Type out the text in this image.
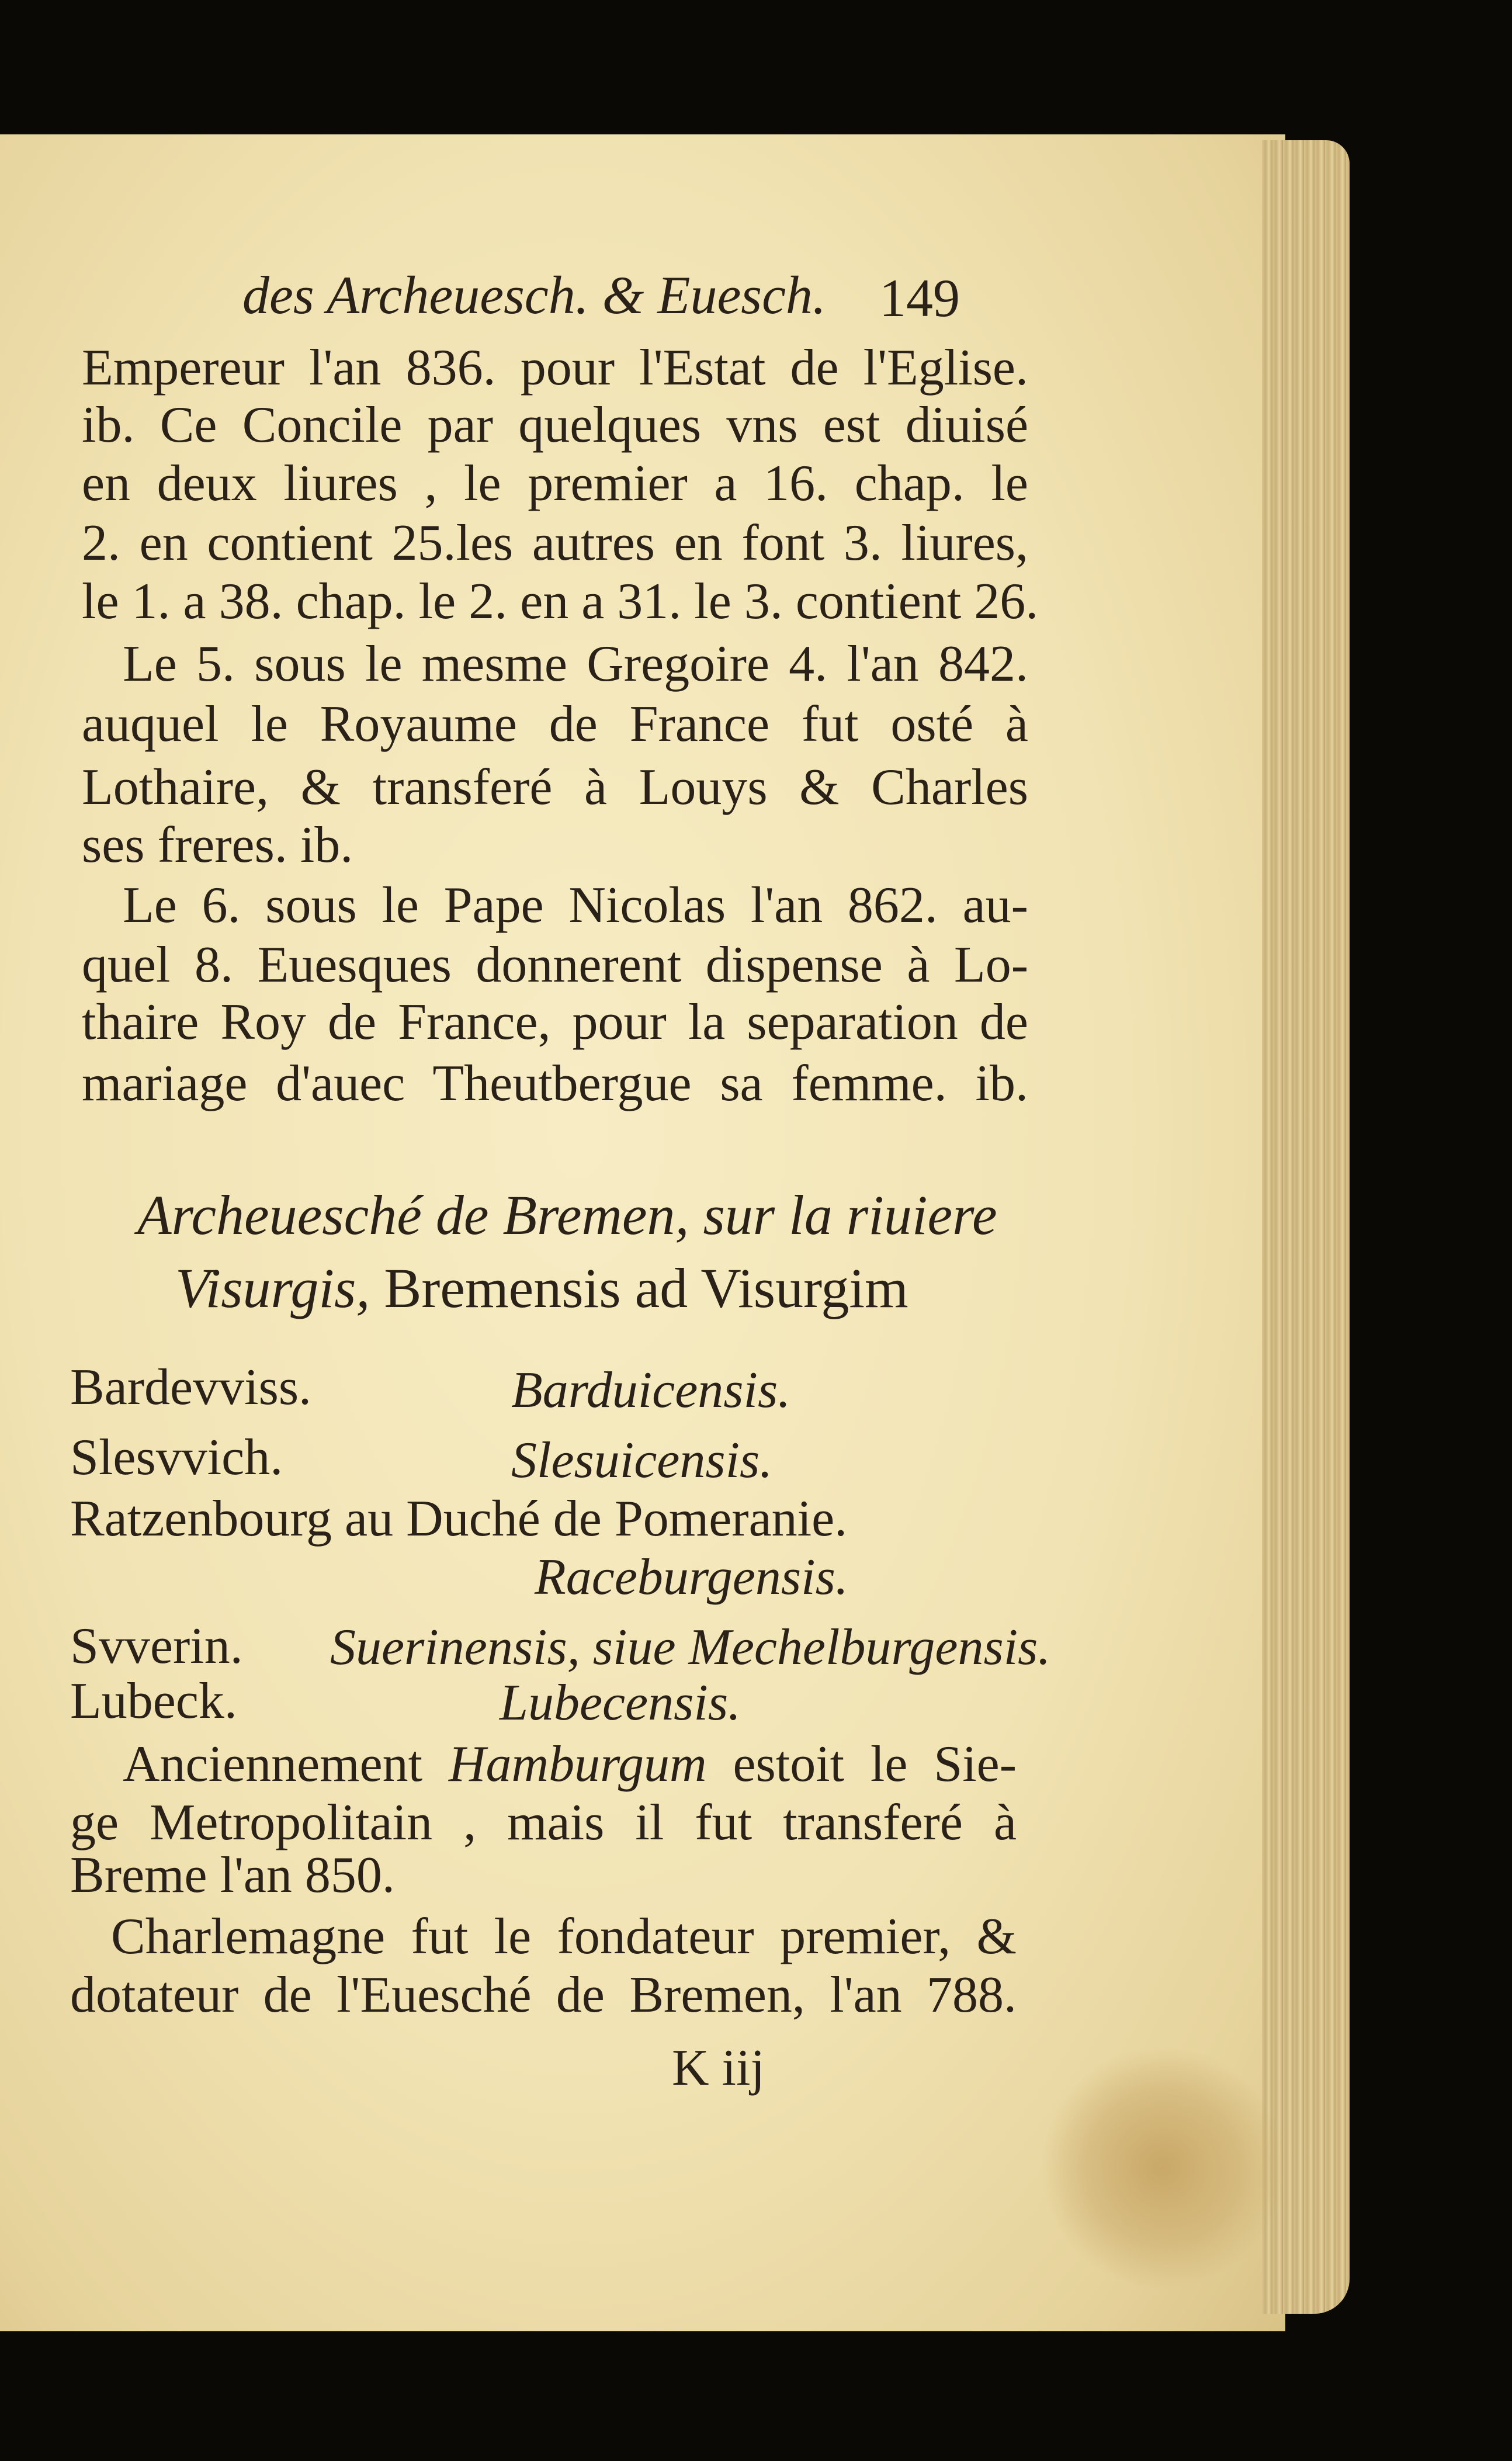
des Archeuesch. & Euesch. 149
Empereur l'an 836. pour l'Estat de l'Eglise.
ib. Ce Concile par quelques vns est diuisé
en deux liures , le premier a 16. chap. le
2. en contient 25.les autres en font 3. liures,
le 1. a 38. chap. le 2. en a 31. le 3. contient 26.
Le 5. sous le mesme Gregoire 4. l'an 842.
auquel le Royaume de France fut osté à
Lothaire, & transferé à Louys & Charles
ses freres. ib.
Le 6. sous le Pape Nicolas l'an 862. au-
quel 8. Euesques donnerent dispense à Lo-
thaire Roy de France, pour la separation de
mariage d'auec Theutbergue sa femme. ib.
Archeuesché de Bremen, sur la riuiere
Visurgis, Bremensis ad Visurgim
Bardevviss.	Barduicensis.
Slesvvich.	Slesuicensis.
Ratzenbourg au Duché de Pomeranie.
Raceburgensis.
Svverin. Suerinensis, siue Mechelburgensis.
Lubeck.	Lubecensis.
Anciennement Hamburgum estoit le Sie-
ge Metropolitain , mais il fut transferé à
Breme l'an 850.
Charlemagne fut le fondateur premier, &
dotateur de l'Euesché de Bremen, l'an 788.
K iij
